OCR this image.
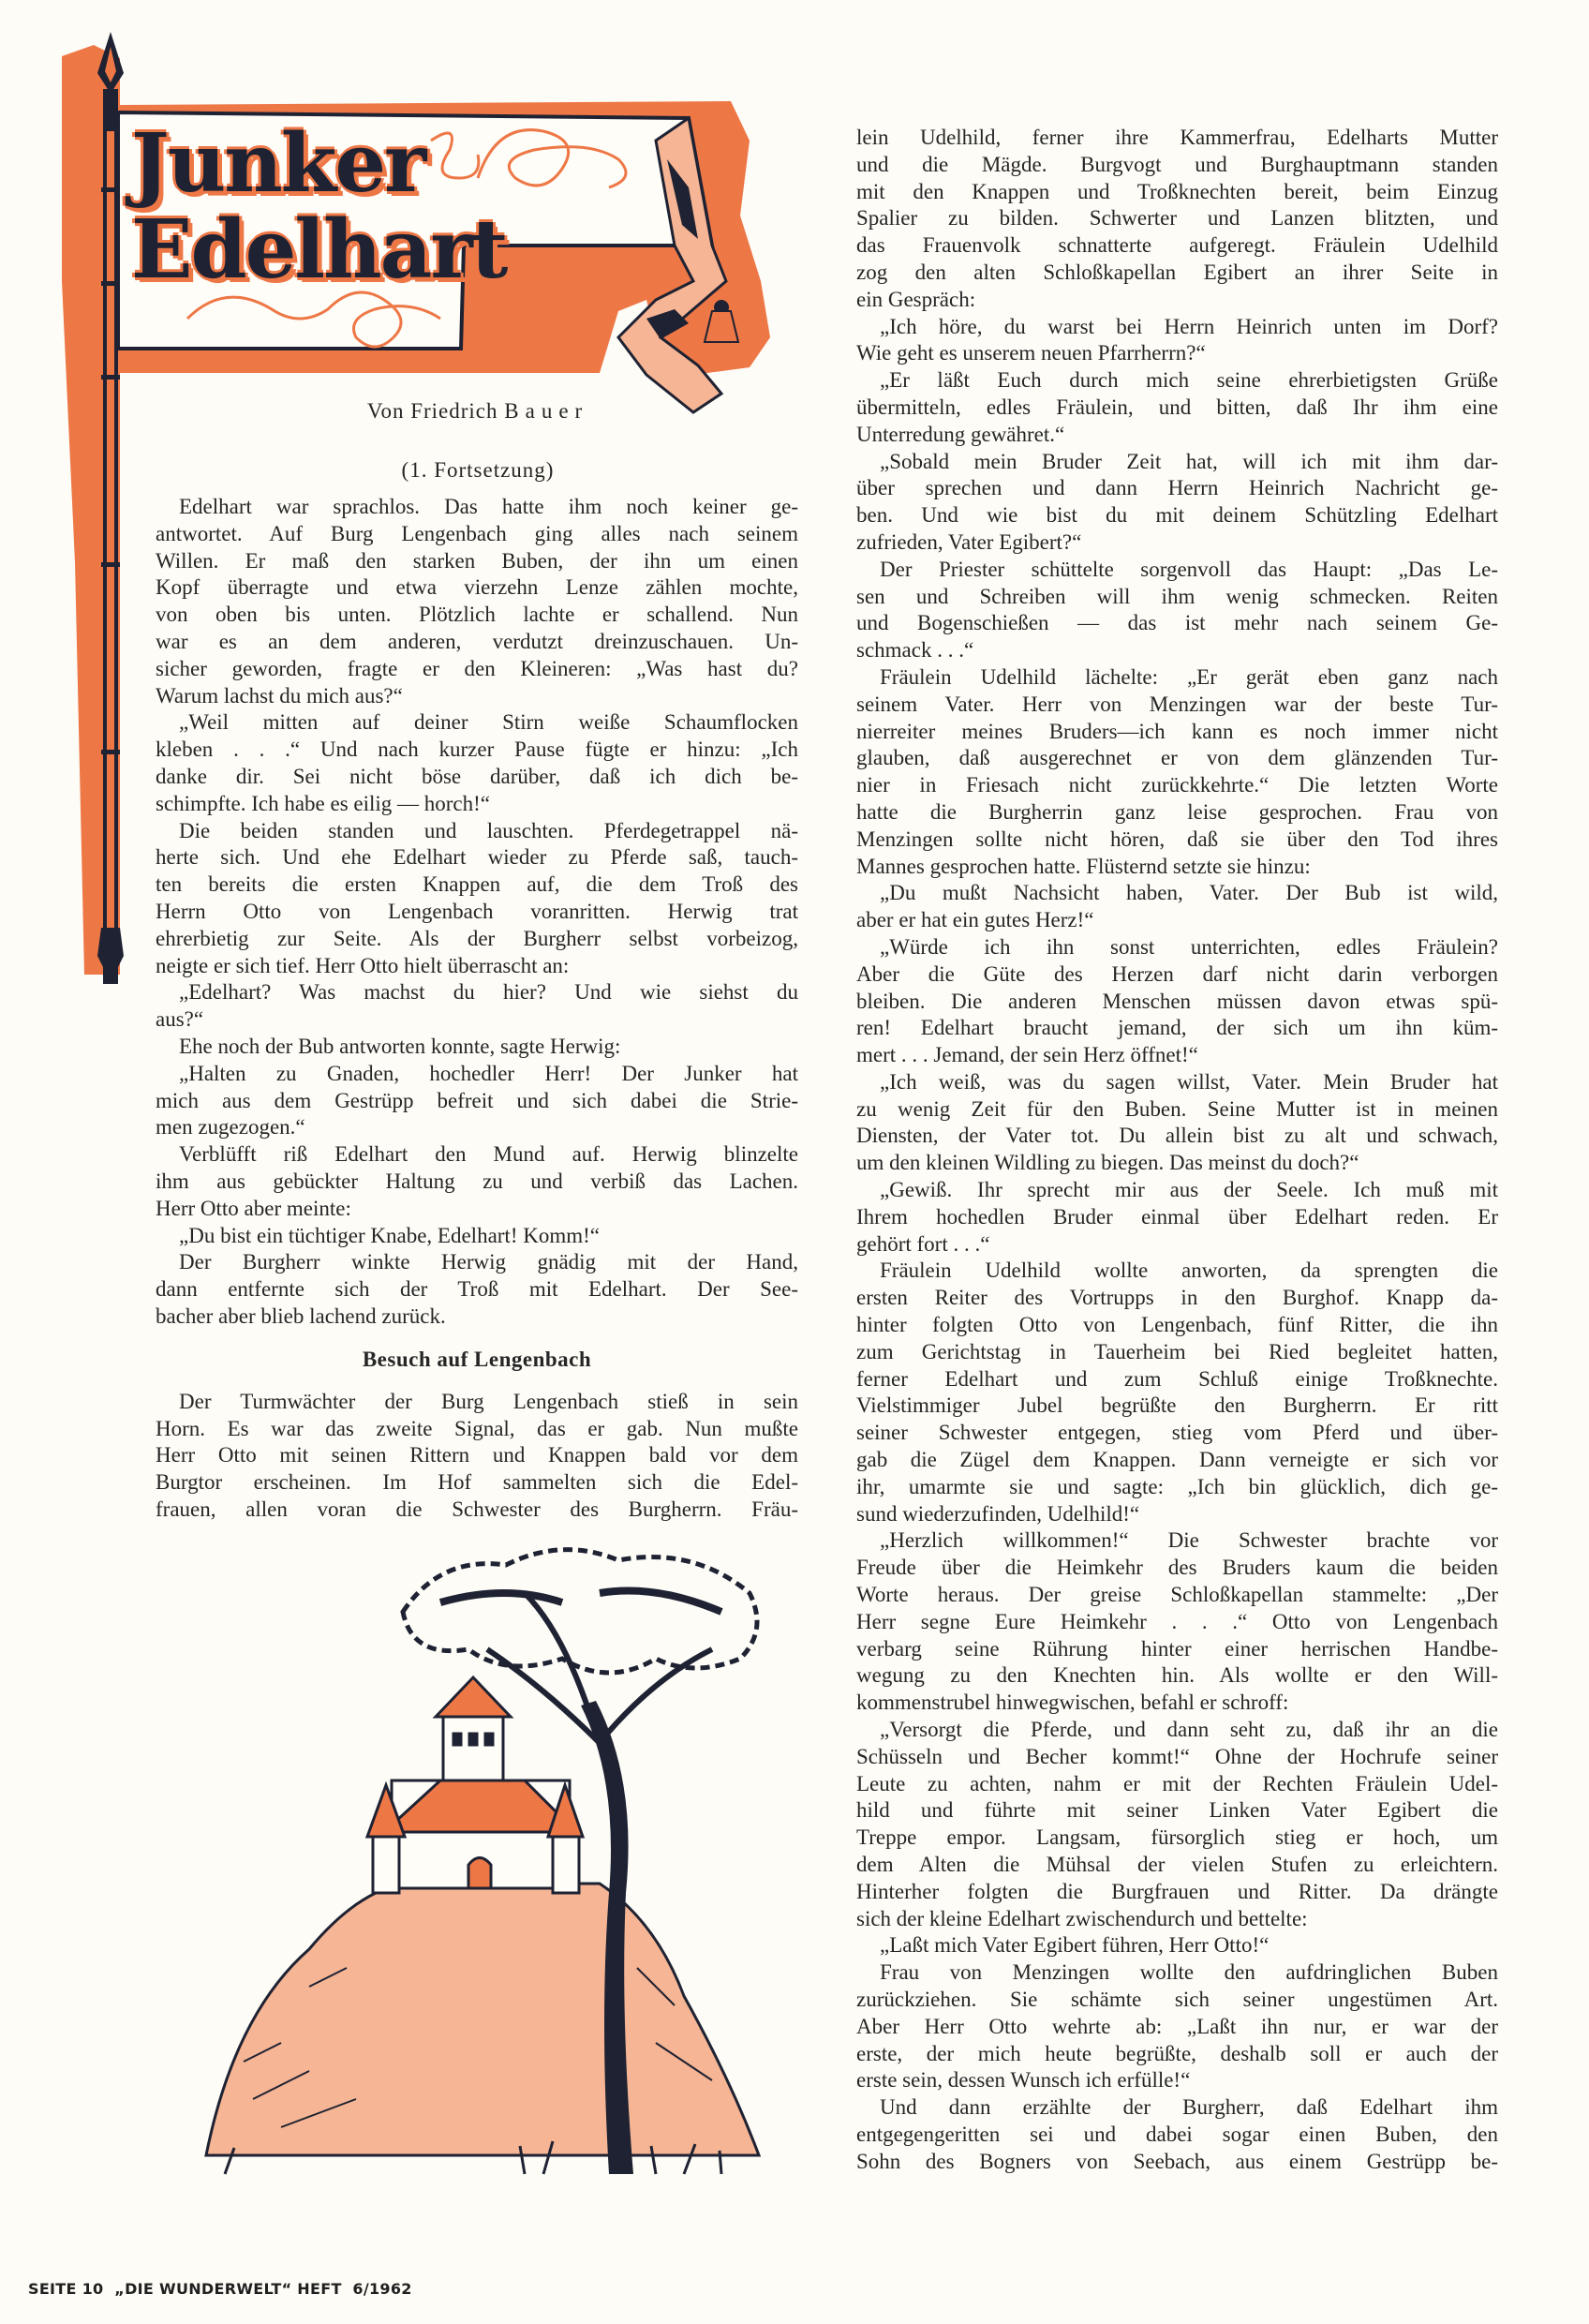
Junker
Edelhart
Von Friedrich Bauer
(1. Fortsetzung)
Edelhart war sprachlos. Das hatte ihm noch keiner ge-
antwortet. Auf Burg Lengenbach ging alles nach seinem
Willen. Er maß den starken Buben, der ihn um einen
Kopf überragte und etwa vierzehn Lenze zählen mochte,
von oben bis unten. Plötzlich lachte er schallend. Nun
war es an dem anderen, verdutzt dreinzuschauen. Un-
sicher geworden, fragte er den Kleineren: „Was hast du?
Warum lachst du mich aus?“
„Weil mitten auf deiner Stirn weiße Schaumflocken
kleben . . .“ Und nach kurzer Pause fügte er hinzu: „Ich
danke dir. Sei nicht böse darüber, daß ich dich be-
schimpfte. Ich habe es eilig — horch!“
Die beiden standen und lauschten. Pferdegetrappel nä-
herte sich. Und ehe Edelhart wieder zu Pferde saß, tauch-
ten bereits die ersten Knappen auf, die dem Troß des
Herrn Otto von Lengenbach voranritten. Herwig trat
ehrerbietig zur Seite. Als der Burgherr selbst vorbeizog,
neigte er sich tief. Herr Otto hielt überrascht an:
„Edelhart? Was machst du hier? Und wie siehst du
aus?“
Ehe noch der Bub antworten konnte, sagte Herwig:
„Halten zu Gnaden, hochedler Herr! Der Junker hat
mich aus dem Gestrüpp befreit und sich dabei die Strie-
men zugezogen.“
Verblüfft riß Edelhart den Mund auf. Herwig blinzelte
ihm aus gebückter Haltung zu und verbiß das Lachen.
Herr Otto aber meinte:
„Du bist ein tüchtiger Knabe, Edelhart! Komm!“
Der Burgherr winkte Herwig gnädig mit der Hand,
dann entfernte sich der Troß mit Edelhart. Der See-
bacher aber blieb lachend zurück.
Besuch auf Lengenbach
Der Turmwächter der Burg Lengenbach stieß in sein
Horn. Es war das zweite Signal, das er gab. Nun mußte
Herr Otto mit seinen Rittern und Knappen bald vor dem
Burgtor erscheinen. Im Hof sammelten sich die Edel-
frauen, allen voran die Schwester des Burgherrn. Fräu-
lein Udelhild, ferner ihre Kammerfrau, Edelharts Mutter
und die Mägde. Burgvogt und Burghauptmann standen
mit den Knappen und Troßknechten bereit, beim Einzug
Spalier zu bilden. Schwerter und Lanzen blitzten, und
das Frauenvolk schnatterte aufgeregt. Fräulein Udelhild
zog den alten Schloßkapellan Egibert an ihrer Seite in
ein Gespräch:
„Ich höre, du warst bei Herrn Heinrich unten im Dorf?
Wie geht es unserem neuen Pfarrherrn?“
„Er läßt Euch durch mich seine ehrerbietigsten Grüße
übermitteln, edles Fräulein, und bitten, daß Ihr ihm eine
Unterredung gewähret.“
„Sobald mein Bruder Zeit hat, will ich mit ihm dar-
über sprechen und dann Herrn Heinrich Nachricht ge-
ben. Und wie bist du mit deinem Schützling Edelhart
zufrieden, Vater Egibert?“
Der Priester schüttelte sorgenvoll das Haupt: „Das Le-
sen und Schreiben will ihm wenig schmecken. Reiten
und Bogenschießen — das ist mehr nach seinem Ge-
schmack . . .“
Fräulein Udelhild lächelte: „Er gerät eben ganz nach
seinem Vater. Herr von Menzingen war der beste Tur-
nierreiter meines Bruders—ich kann es noch immer nicht
glauben, daß ausgerechnet er von dem glänzenden Tur-
nier in Friesach nicht zurückkehrte.“ Die letzten Worte
hatte die Burgherrin ganz leise gesprochen. Frau von
Menzingen sollte nicht hören, daß sie über den Tod ihres
Mannes gesprochen hatte. Flüsternd setzte sie hinzu:
„Du mußt Nachsicht haben, Vater. Der Bub ist wild,
aber er hat ein gutes Herz!“
„Würde ich ihn sonst unterrichten, edles Fräulein?
Aber die Güte des Herzen darf nicht darin verborgen
bleiben. Die anderen Menschen müssen davon etwas spü-
ren! Edelhart braucht jemand, der sich um ihn küm-
mert . . . Jemand, der sein Herz öffnet!“
„Ich weiß, was du sagen willst, Vater. Mein Bruder hat
zu wenig Zeit für den Buben. Seine Mutter ist in meinen
Diensten, der Vater tot. Du allein bist zu alt und schwach,
um den kleinen Wildling zu biegen. Das meinst du doch?“
„Gewiß. Ihr sprecht mir aus der Seele. Ich muß mit
Ihrem hochedlen Bruder einmal über Edelhart reden. Er
gehört fort . . .“
Fräulein Udelhild wollte anworten, da sprengten die
ersten Reiter des Vortrupps in den Burghof. Knapp da-
hinter folgten Otto von Lengenbach, fünf Ritter, die ihn
zum Gerichtstag in Tauerheim bei Ried begleitet hatten,
ferner Edelhart und zum Schluß einige Troßknechte.
Vielstimmiger Jubel begrüßte den Burgherrn. Er ritt
seiner Schwester entgegen, stieg vom Pferd und über-
gab die Zügel dem Knappen. Dann verneigte er sich vor
ihr, umarmte sie und sagte: „Ich bin glücklich, dich ge-
sund wiederzufinden, Udelhild!“
„Herzlich willkommen!“ Die Schwester brachte vor
Freude über die Heimkehr des Bruders kaum die beiden
Worte heraus. Der greise Schloßkapellan stammelte: „Der
Herr segne Eure Heimkehr . . .“ Otto von Lengenbach
verbarg seine Rührung hinter einer herrischen Handbe-
wegung zu den Knechten hin. Als wollte er den Will-
kommenstrubel hinwegwischen, befahl er schroff:
„Versorgt die Pferde, und dann seht zu, daß ihr an die
Schüsseln und Becher kommt!“ Ohne der Hochrufe seiner
Leute zu achten, nahm er mit der Rechten Fräulein Udel-
hild und führte mit seiner Linken Vater Egibert die
Treppe empor. Langsam, fürsorglich stieg er hoch, um
dem Alten die Mühsal der vielen Stufen zu erleichtern.
Hinterher folgten die Burgfrauen und Ritter. Da drängte
sich der kleine Edelhart zwischendurch und bettelte:
„Laßt mich Vater Egibert führen, Herr Otto!“
Frau von Menzingen wollte den aufdringlichen Buben
zurückziehen. Sie schämte sich seiner ungestümen Art.
Aber Herr Otto wehrte ab: „Laßt ihn nur, er war der
erste, der mich heute begrüßte, deshalb soll er auch der
erste sein, dessen Wunsch ich erfülle!“
Und dann erzählte der Burgherr, daß Edelhart ihm
entgegengeritten sei und dabei sogar einen Buben, den
Sohn des Bogners von Seebach, aus einem Gestrüpp be-
SEITE 10 „DIE WUNDERWELT“ HEFT 6/1962
